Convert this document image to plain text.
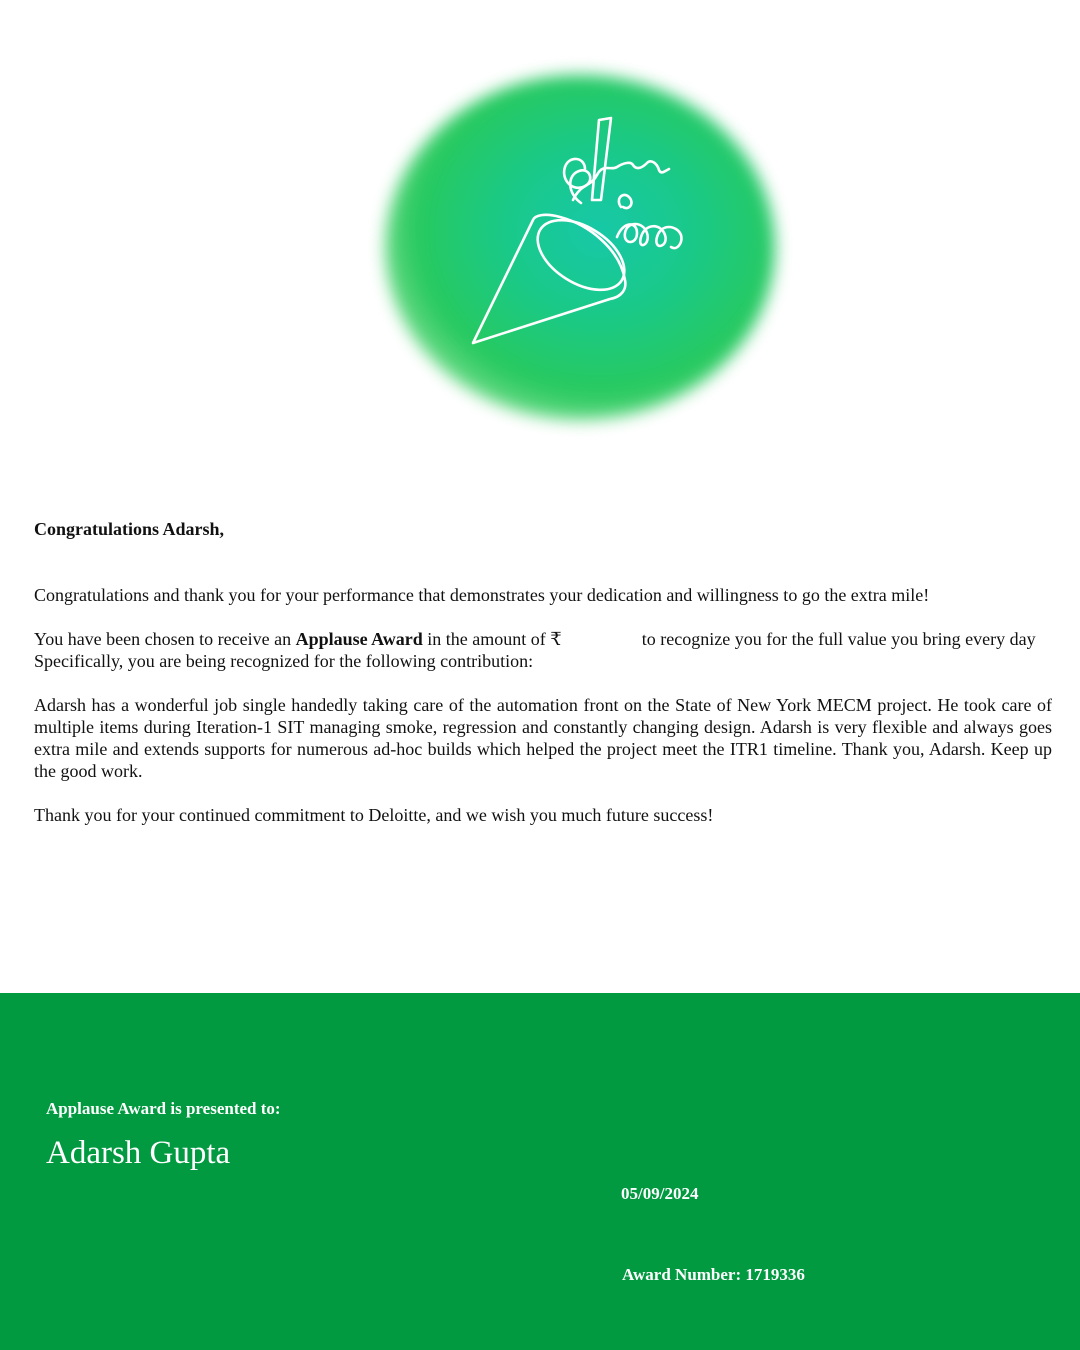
Congratulations Adarsh,

Congratulations and thank you for your performance that demonstrates your dedication and willingness to go the extra mile!

You have been chosen to receive an Applause Award in the amount of ₹	to recognize you for the full value you bring every day
Specifically, you are being recognized for the following contribution:

Adarsh has a wonderful job single handedly taking care of the automation front on the State of New York MECM project. He took care of multiple items during Iteration-1 SIT managing smoke, regression and constantly changing design. Adarsh is very flexible and always goes extra mile and extends supports for numerous ad-hoc builds which helped the project meet the ITR1 timeline. Thank you, Adarsh. Keep up the good work.

Thank you for your continued commitment to Deloitte, and we wish you much future success!

Applause Award is presented to:
Adarsh Gupta
05/09/2024
Award Number: 1719336
